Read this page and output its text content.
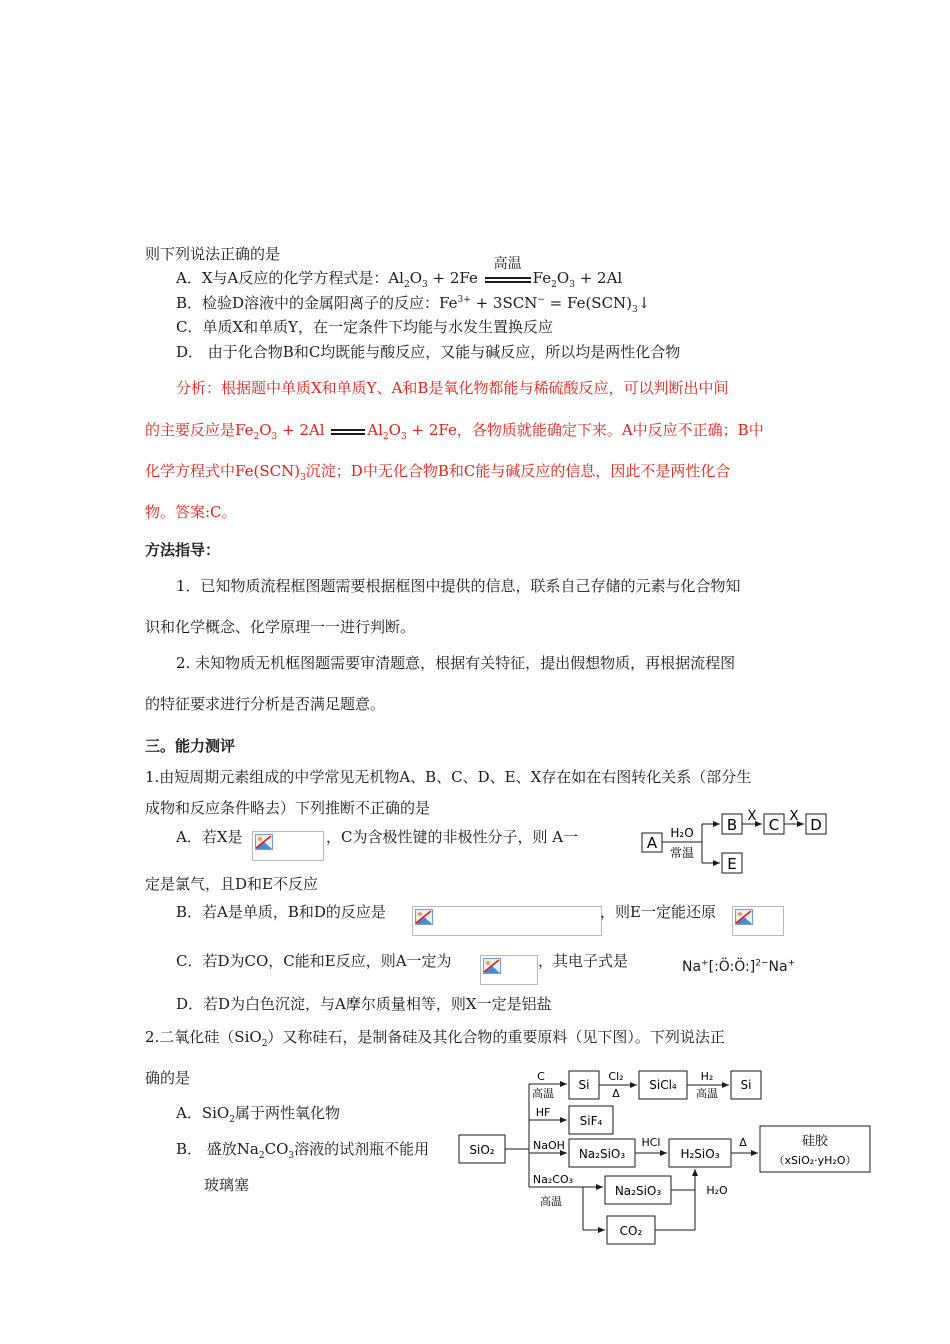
则下列说法正确的是
A．X与A反应的化学方程式是：$Al_2O_3 + 2Fe$
高温
$Fe_2O_3 + 2Al$
B．检验D溶液中的金属阳离子的反应：$Fe^{3+} + 3SCN^-$ = $Fe(SCN)_3↓$
C．单质X和单质Y，在一定条件下均能与水发生置换反应
D． 由于化合物B和C均既能与酸反应，又能与碱反应，所以均是两性化合物
分析：根据题中单质X和单质Y、A和B是氧化物都能与稀硫酸反应，可以判断出中间
的主要反应是$Fe_2O_3 + 2Al$	$Al_2O_3 + 2Fe$，各物质就能确定下来。A中反应不正确；B中
化学方程式中$Fe(SCN)_3$沉淀；D中无化合物B和C能与碱反应的信息，因此不是两性化合
物。答案:C。
方法指导：
1．已知物质流程框图题需要根据框图中提供的信息，联系自己存储的元素与化合物知
识和化学概念、化学原理一一进行判断。
2. 未知物质无机框图题需要审清题意，根据有关特征，提出假想物质，再根据流程图
的特征要求进行分析是否满足题意。
三。能力测评
1.由短周期元素组成的中学常见无机物A、B、C、D、E、X存在如在右图转化关系（部分生
成物和反应条件略去）下列推断不正确的是
A．若X是	，C为含极性键的非极性分子，则 A一
定是氯气，且D和E不反应
B．若A是单质，B和D的反应是	，则E一定能还原
C．若D为CO，C能和E反应，则A一定为	，其电子式是	Na+[:Ö:Ö:]$^{2-}$Na+
D．若D为白色沉淀，与A摩尔质量相等，则X一定是铝盐
2.二氧化硅（SiO$_2$）又称硅石，是制备硅及其化合物的重要原料（见下图）。下列说法正
确的是
A．SiO$_2$属于两性氧化物
B． 盛放$Na_2CO_3$溶液的试剂瓶不能用
玻璃塞
A
H₂O
常温
B X C X D
E
SiO₂
C
高温
Si
Cl₂
Δ
SiCl₄
H₂
高温
Si
HF
SiF₄
NaOH
Na₂SiO₃
HCl
H₂SiO₃
Δ	硅胶
（xSiO₂·yH₂O）
Na₂CO₃
高温
Na₂SiO₃
CO₂
H₂O
